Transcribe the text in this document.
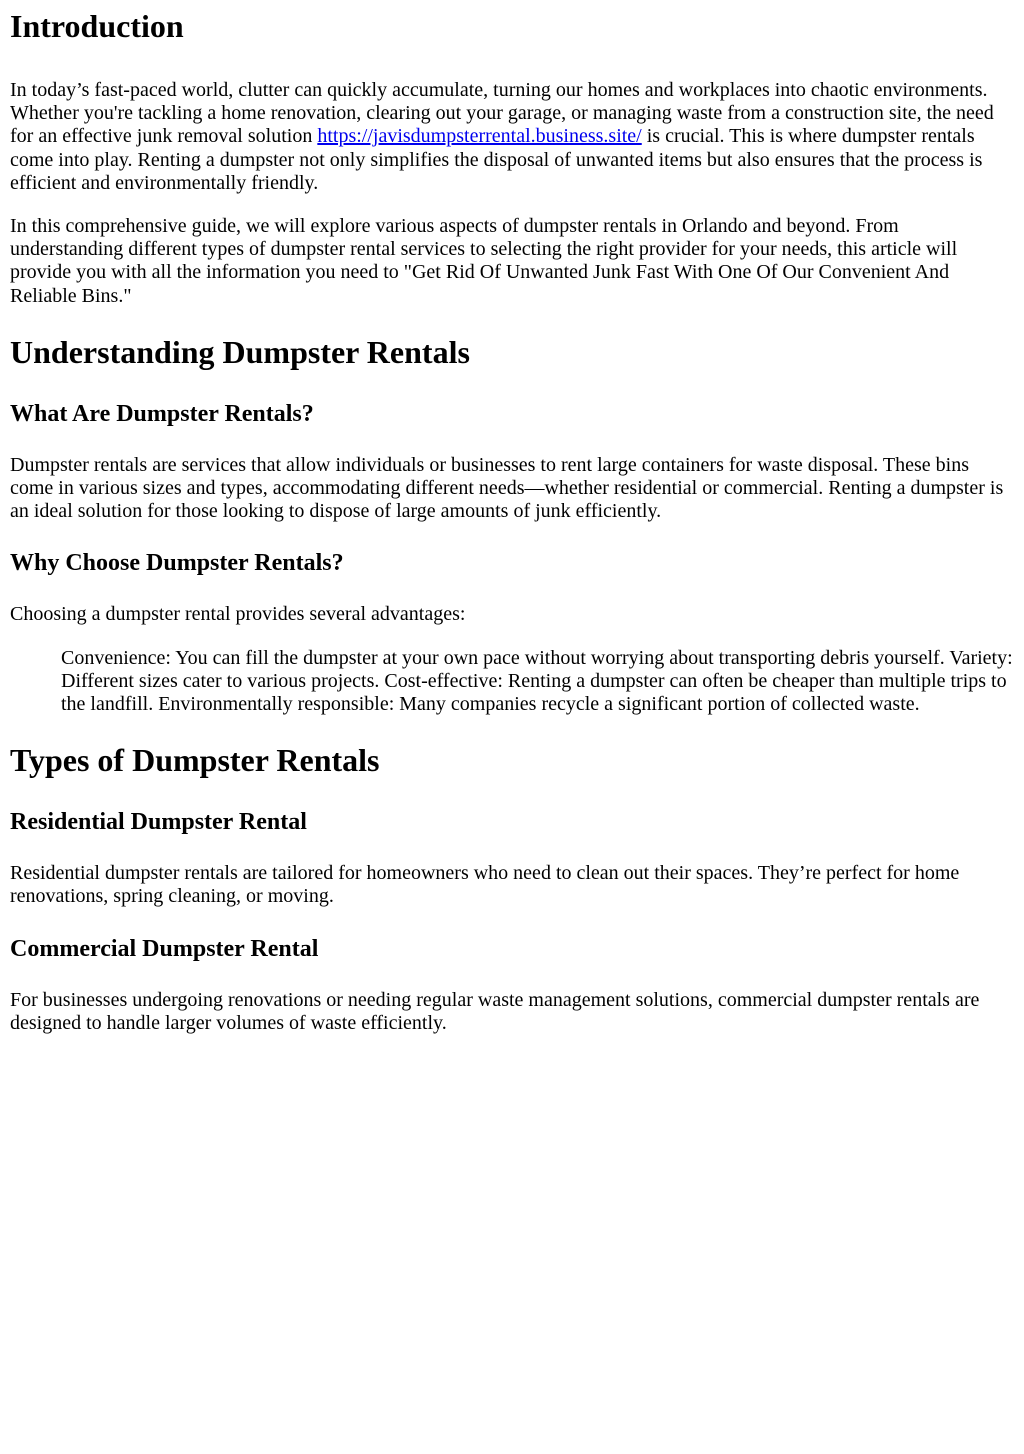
Introduction

In today’s fast-paced world, clutter can quickly accumulate, turning our homes and workplaces into chaotic environments. Whether you're tackling a home renovation, clearing out your garage, or managing waste from a construction site, the need for an effective junk removal solution https://javisdumpsterrental.business.site/ is crucial. This is where dumpster rentals come into play. Renting a dumpster not only simplifies the disposal of unwanted items but also ensures that the process is efficient and environmentally friendly.

In this comprehensive guide, we will explore various aspects of dumpster rentals in Orlando and beyond. From understanding different types of dumpster rental services to selecting the right provider for your needs, this article will provide you with all the information you need to "Get Rid Of Unwanted Junk Fast With One Of Our Convenient And Reliable Bins."

Understanding Dumpster Rentals
What Are Dumpster Rentals?

Dumpster rentals are services that allow individuals or businesses to rent large containers for waste disposal. These bins come in various sizes and types, accommodating different needs—whether residential or commercial. Renting a dumpster is an ideal solution for those looking to dispose of large amounts of junk efficiently.

Why Choose Dumpster Rentals?

Choosing a dumpster rental provides several advantages:

Convenience: You can fill the dumpster at your own pace without worrying about transporting debris yourself. Variety: Different sizes cater to various projects. Cost-effective: Renting a dumpster can often be cheaper than multiple trips to the landfill. Environmentally responsible: Many companies recycle a significant portion of collected waste.
Types of Dumpster Rentals
Residential Dumpster Rental

Residential dumpster rentals are tailored for homeowners who need to clean out their spaces. They’re perfect for home renovations, spring cleaning, or moving.

Commercial Dumpster Rental

For businesses undergoing renovations or needing regular waste management solutions, commercial dumpster rentals are designed to handle larger volumes of waste efficiently.
